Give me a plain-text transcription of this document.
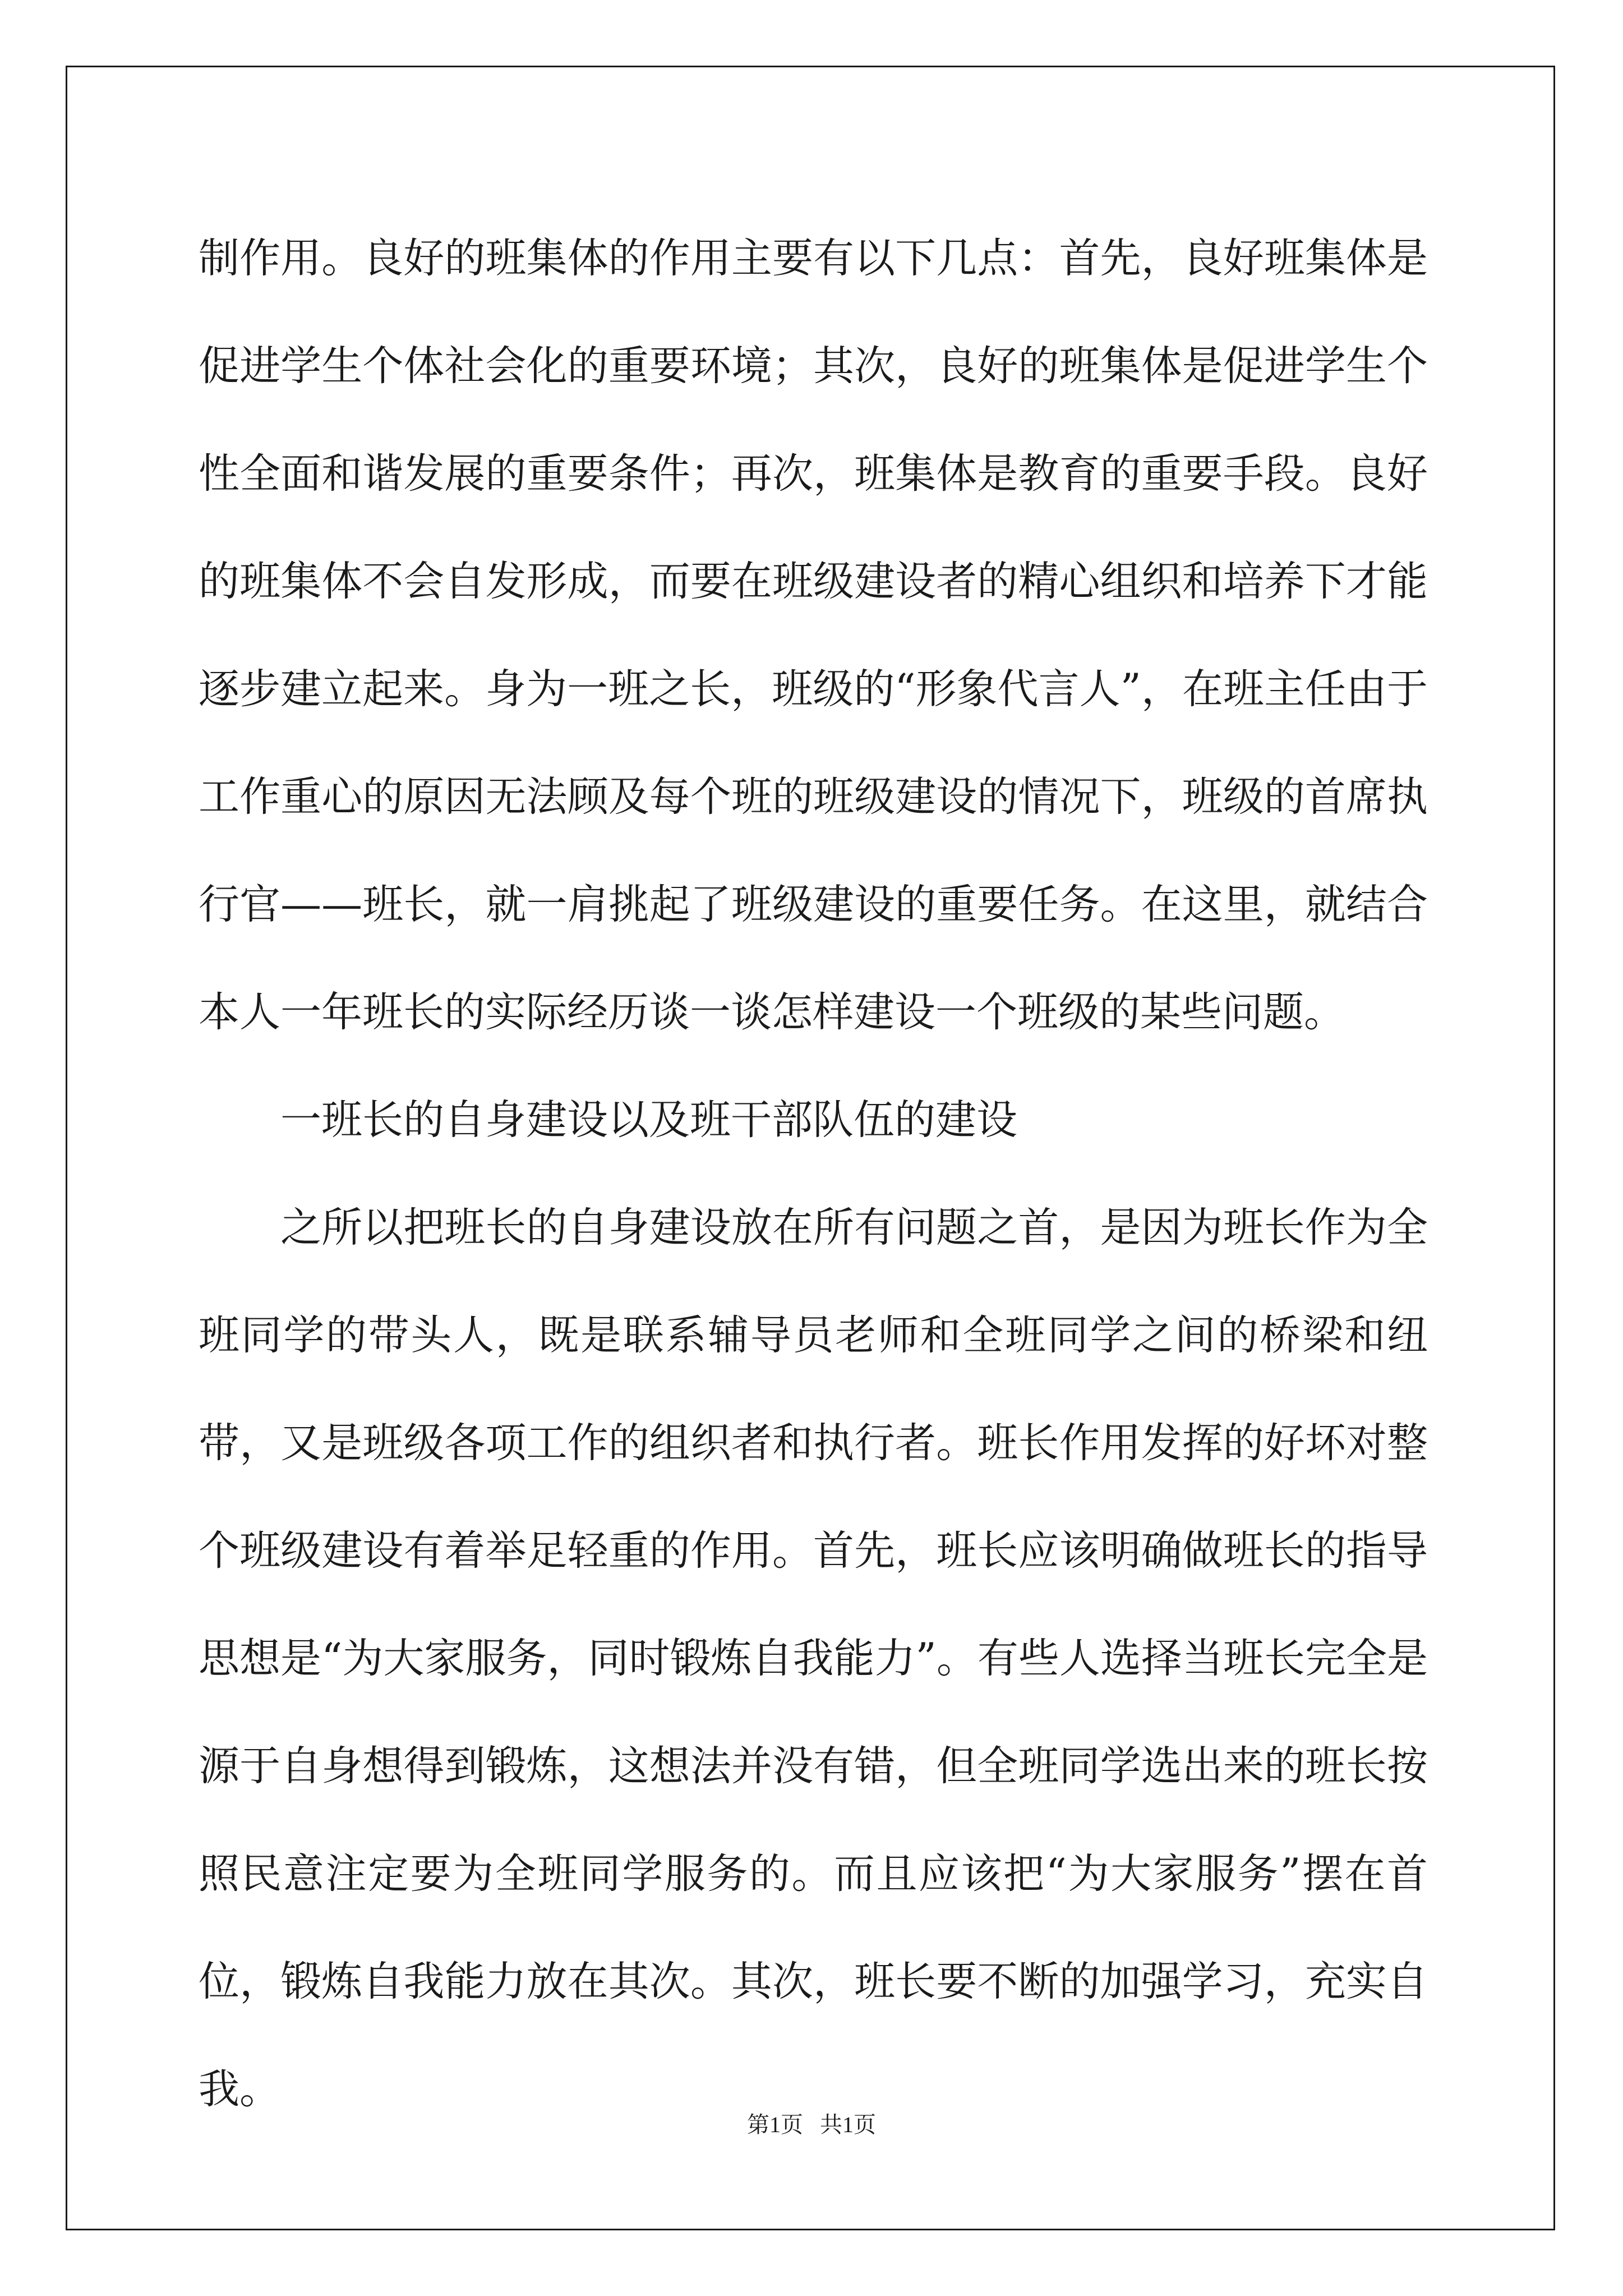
制作用。良好的班集体的作用主要有以下几点：首先，良好班集体是促进学生个体社会化的重要环境；其次，良好的班集体是促进学生个性全面和谐发展的重要条件；再次，班集体是教育的重要手段。良好的班集体不会自发形成，而要在班级建设者的精心组织和培养下才能逐步建立起来。身为一班之长，班级的“形象代言人”，在班主任由于工作重心的原因无法顾及每个班的班级建设的情况下，班级的首席执行官——班长，就一肩挑起了班级建设的重要任务。在这里，就结合本人一年班长的实际经历谈一谈怎样建设一个班级的某些问题。

一班长的自身建设以及班干部队伍的建设

之所以把班长的自身建设放在所有问题之首，是因为班长作为全班同学的带头人，既是联系辅导员老师和全班同学之间的桥梁和纽带，又是班级各项工作的组织者和执行者。班长作用发挥的好坏对整个班级建设有着举足轻重的作用。首先，班长应该明确做班长的指导思想是“为大家服务，同时锻炼自我能力”。有些人选择当班长完全是源于自身想得到锻炼，这想法并没有错，但全班同学选出来的班长按照民意注定要为全班同学服务的。而且应该把“为大家服务”摆在首位，锻炼自我能力放在其次。其次，班长要不断的加强学习，充实自我。

第1页   共1页
